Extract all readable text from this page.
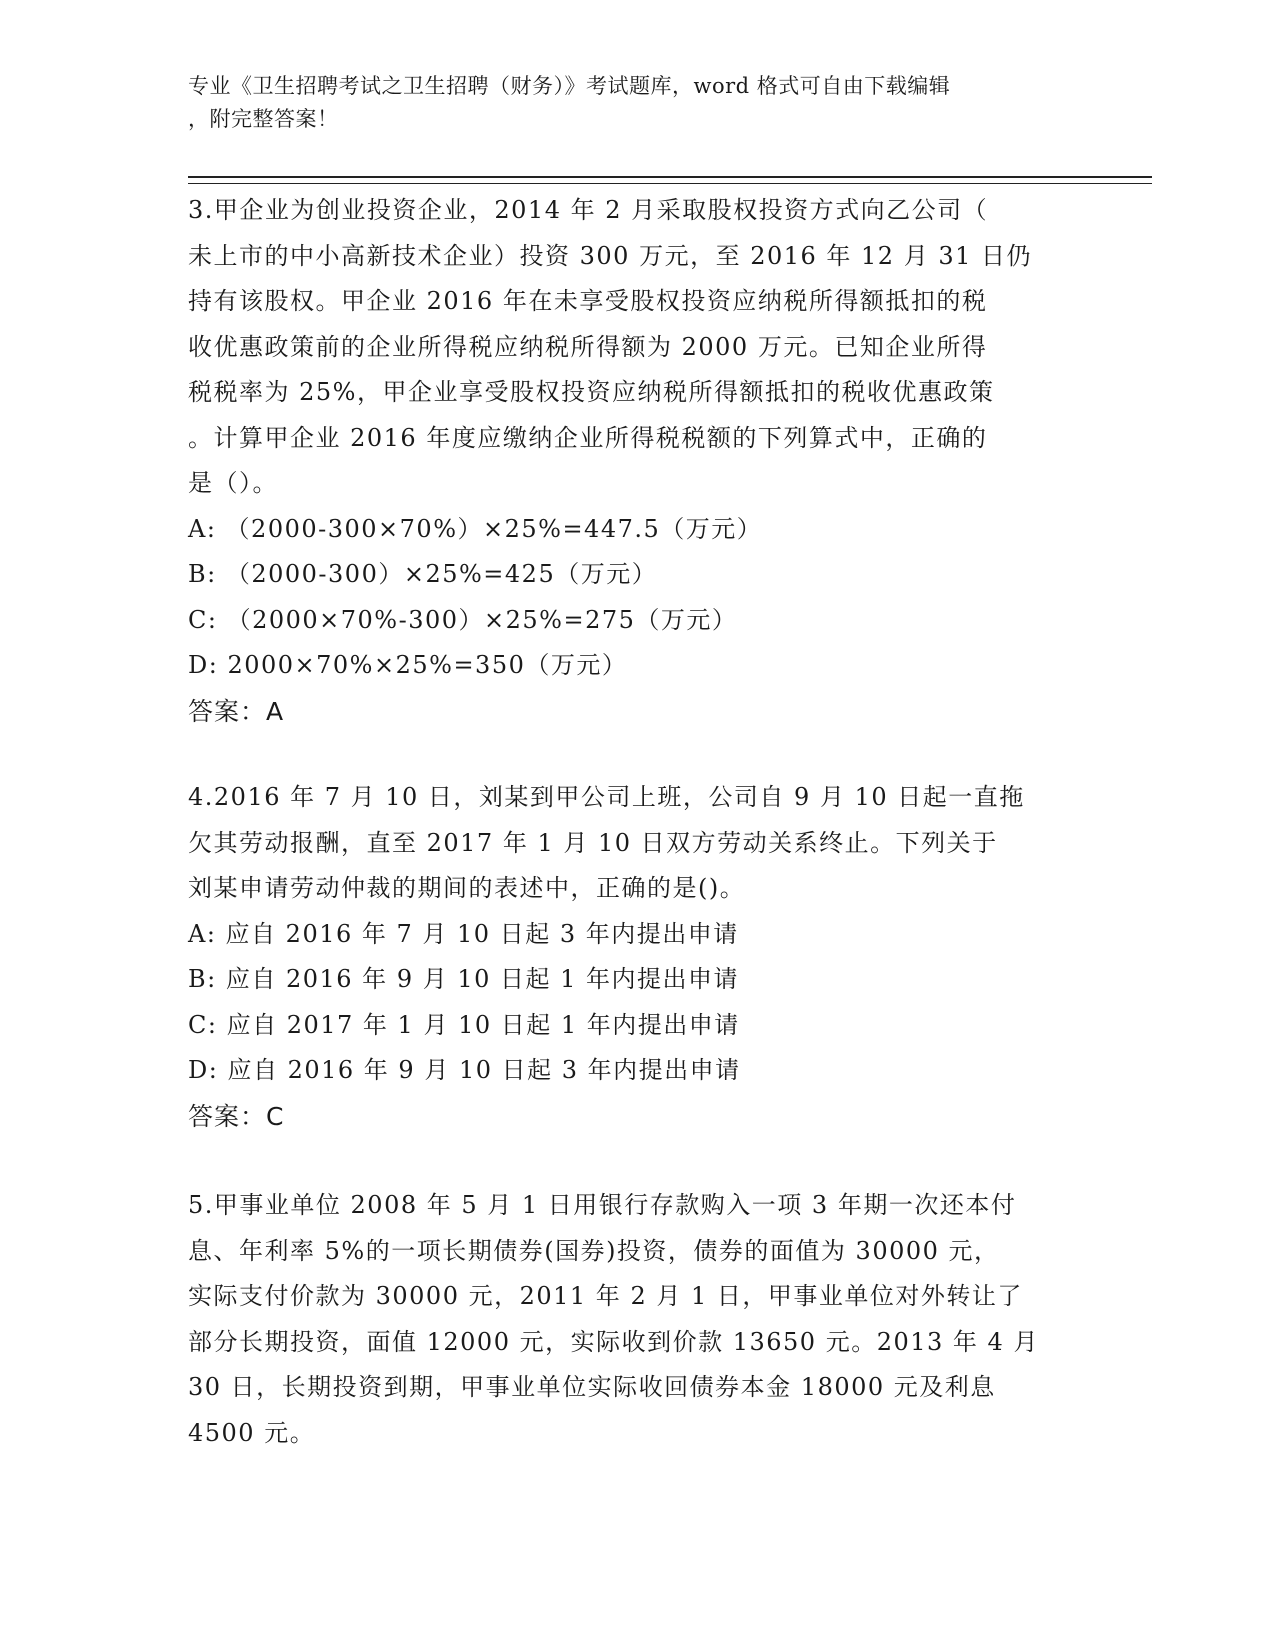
专业《卫生招聘考试之卫生招聘（财务）》考试题库，word 格式可自由下载编辑
，附完整答案！
3.甲企业为创业投资企业，2014 年 2 月采取股权投资方式向乙公司（
未上市的中小高新技术企业）投资 300 万元，至 2016 年 12 月 31 日仍
持有该股权。甲企业 2016 年在未享受股权投资应纳税所得额抵扣的税
收优惠政策前的企业所得税应纳税所得额为 2000 万元。已知企业所得
税税率为 25%，甲企业享受股权投资应纳税所得额抵扣的税收优惠政策
。计算甲企业 2016 年度应缴纳企业所得税税额的下列算式中，正确的
是（）。
A: （2000-300×70%）×25%=447.5（万元）
B: （2000-300）×25%=425（万元）
C: （2000×70%-300）×25%=275（万元）
D: 2000×70%×25%=350（万元）
答案：A
4.2016 年 7 月 10 日，刘某到甲公司上班，公司自 9 月 10 日起一直拖
欠其劳动报酬，直至 2017 年 1 月 10 日双方劳动关系终止。下列关于
刘某申请劳动仲裁的期间的表述中，正确的是()。
A: 应自 2016 年 7 月 10 日起 3 年内提出申请
B: 应自 2016 年 9 月 10 日起 1 年内提出申请
C: 应自 2017 年 1 月 10 日起 1 年内提出申请
D: 应自 2016 年 9 月 10 日起 3 年内提出申请
答案：C
5.甲事业单位 2008 年 5 月 1 日用银行存款购入一项 3 年期一次还本付
息、年利率 5%的一项长期债券(国券)投资，债券的面值为 30000 元，
实际支付价款为 30000 元，2011 年 2 月 1 日，甲事业单位对外转让了
部分长期投资，面值 12000 元，实际收到价款 13650 元。2013 年 4 月
30 日，长期投资到期，甲事业单位实际收回债券本金 18000 元及利息
4500 元。
